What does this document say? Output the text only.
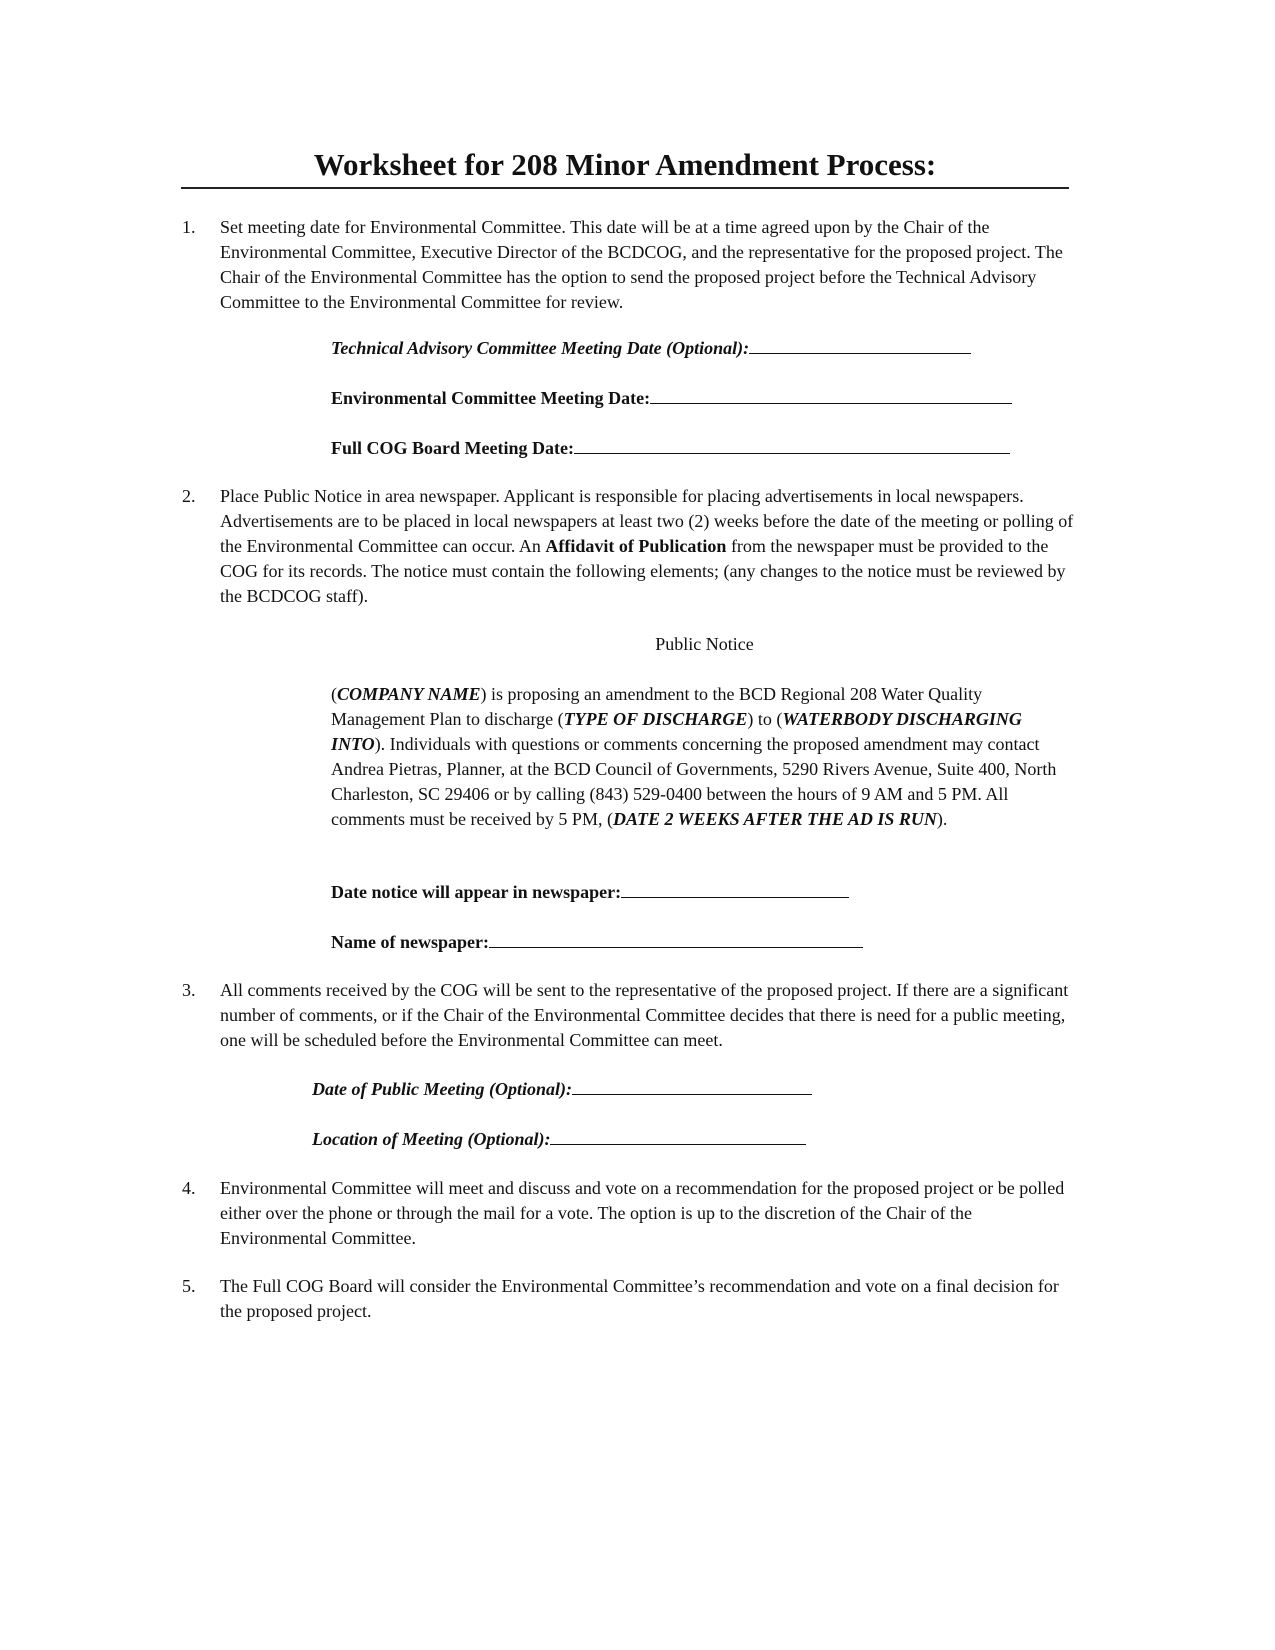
Worksheet for 208 Minor Amendment Process:
1.	Set meeting date for Environmental Committee. This date will be at a time agreed upon by the Chair of the Environmental Committee, Executive Director of the BCDCOG, and the representative for the proposed project. The Chair of the Environmental Committee has the option to send the proposed project before the Technical Advisory Committee to the Environmental Committee for review.
Technical Advisory Committee Meeting Date (Optional):
Environmental Committee Meeting Date:
Full COG Board Meeting Date:
2.	Place Public Notice in area newspaper. Applicant is responsible for placing advertisements in local newspapers. Advertisements are to be placed in local newspapers at least two (2) weeks before the date of the meeting or polling of the Environmental Committee can occur. An Affidavit of Publication from the newspaper must be provided to the COG for its records. The notice must contain the following elements; (any changes to the notice must be reviewed by the BCDCOG staff).
Public Notice
(COMPANY NAME) is proposing an amendment to the BCD Regional 208 Water Quality Management Plan to discharge (TYPE OF DISCHARGE) to (WATERBODY DISCHARGING INTO). Individuals with questions or comments concerning the proposed amendment may contact Andrea Pietras, Planner, at the BCD Council of Governments, 5290 Rivers Avenue, Suite 400, North Charleston, SC 29406 or by calling (843) 529-0400 between the hours of 9 AM and 5 PM. All comments must be received by 5 PM, (DATE 2 WEEKS AFTER THE AD IS RUN).
Date notice will appear in newspaper:
Name of newspaper:
3.	All comments received by the COG will be sent to the representative of the proposed project. If there are a significant number of comments, or if the Chair of the Environmental Committee decides that there is need for a public meeting, one will be scheduled before the Environmental Committee can meet.
Date of Public Meeting (Optional):
Location of Meeting (Optional):
4.	Environmental Committee will meet and discuss and vote on a recommendation for the proposed project or be polled either over the phone or through the mail for a vote. The option is up to the discretion of the Chair of the Environmental Committee.
5.	The Full COG Board will consider the Environmental Committee’s recommendation and vote on a final decision for the proposed project.
